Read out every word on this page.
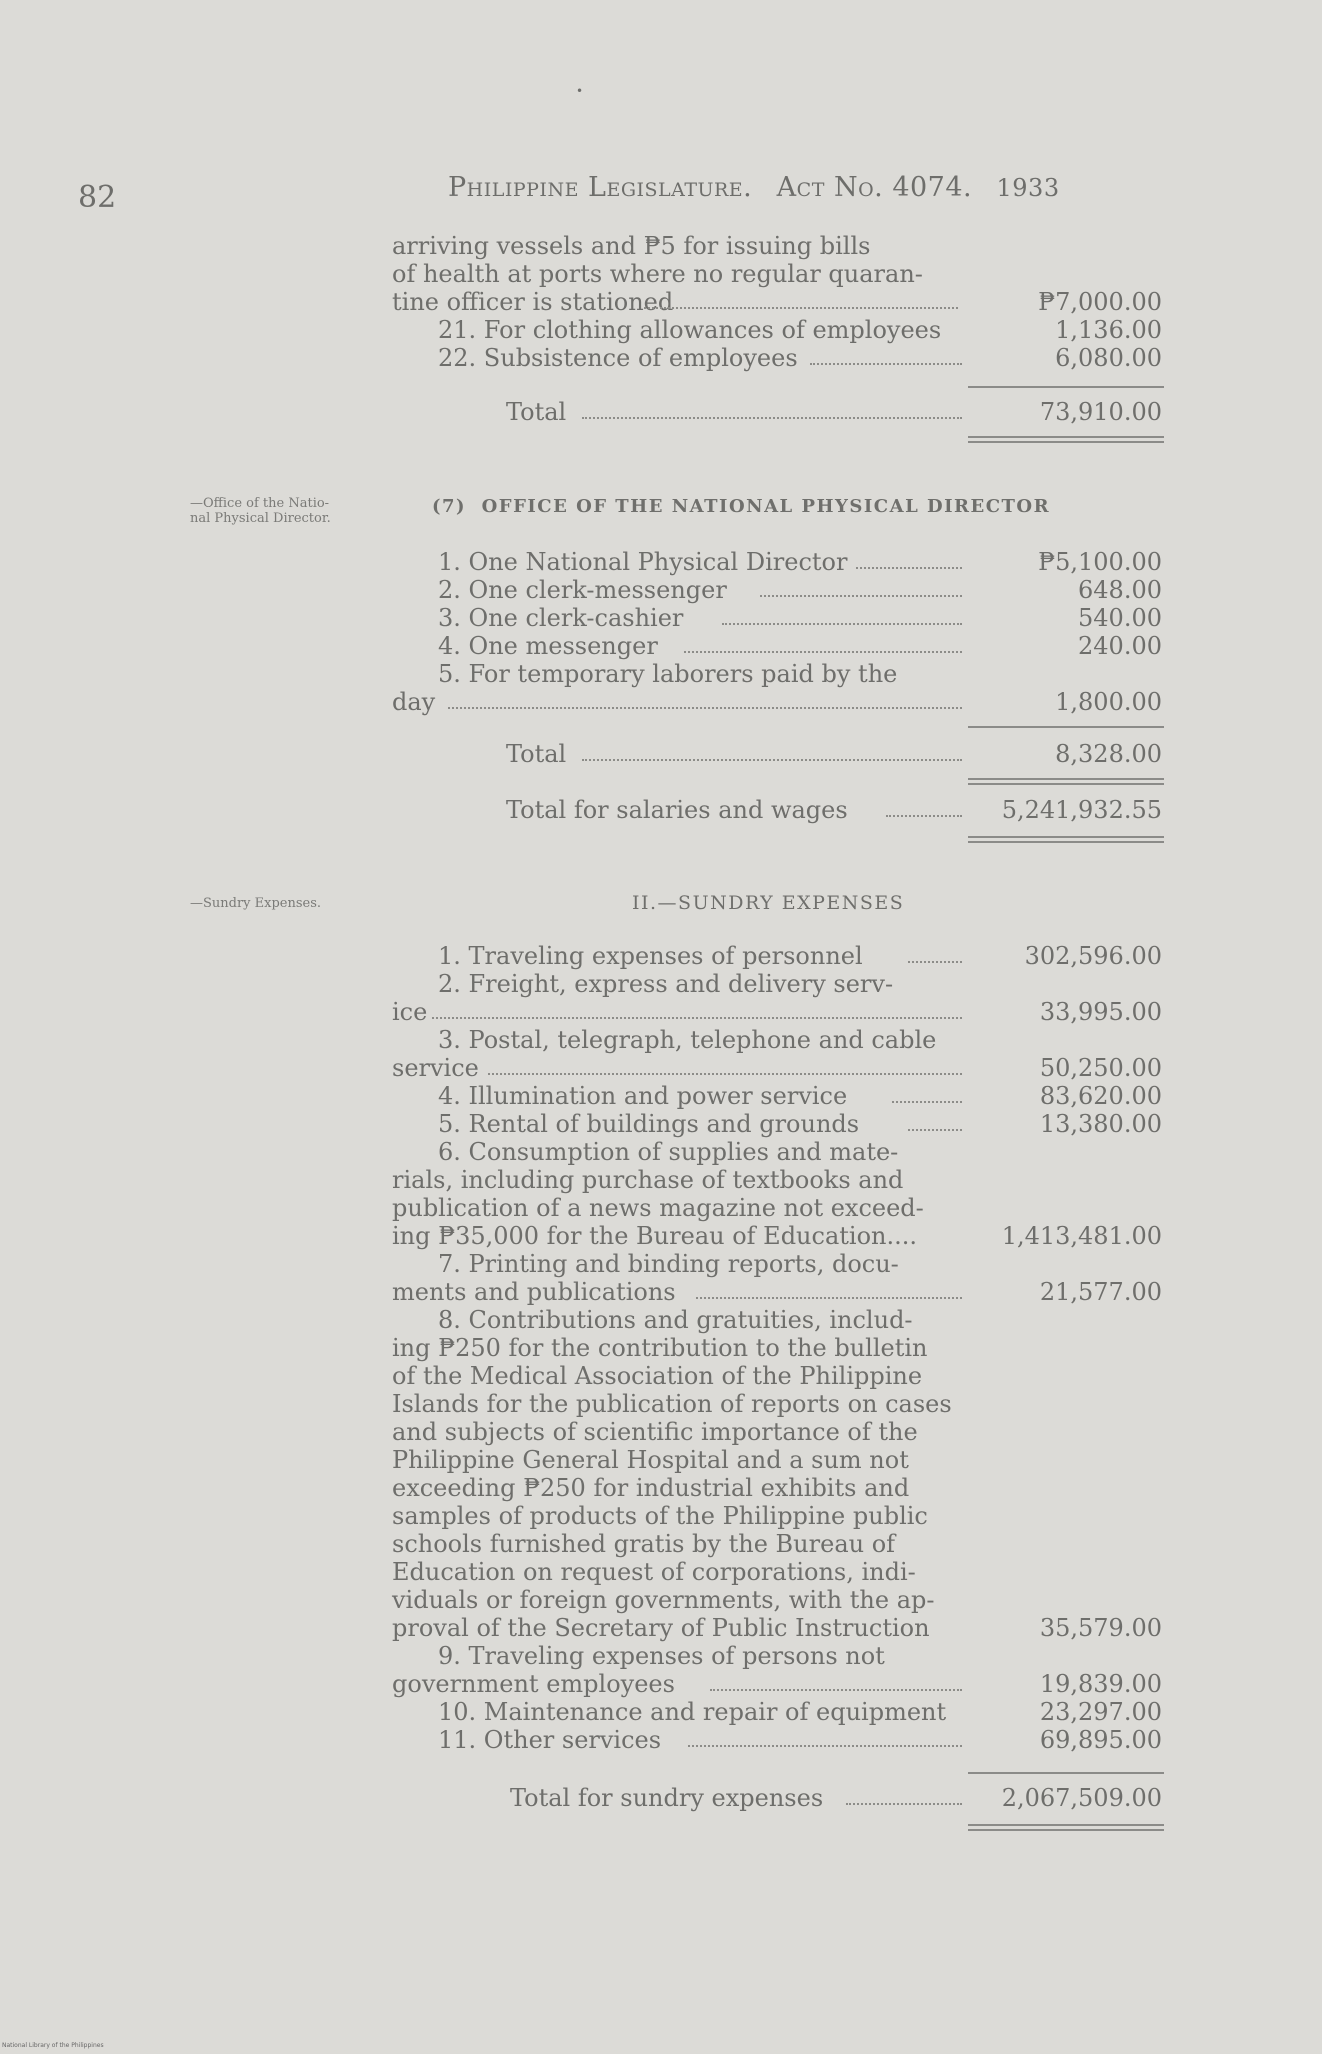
•
82	Philippine Legislature. Act No. 4074. 1933
arriving vessels and ₱5 for issuing bills
of health at ports where no regular quaran-
tine officer is stationed	₱7,000.00
21. For clothing allowances of employees	1,136.00
22. Subsistence of employees	6,080.00
Total	73,910.00
—Office of the Natio-
nal Physical Director.
(7) OFFICE OF THE NATIONAL PHYSICAL DIRECTOR
1. One National Physical Director	₱5,100.00
2. One clerk-messenger	648.00
3. One clerk-cashier	540.00
4. One messenger	240.00
5. For temporary laborers paid by the
day	1,800.00
Total	8,328.00
Total for salaries and wages	5,241,932.55
—Sundry Expenses.	II.—SUNDRY EXPENSES
1. Traveling expenses of personnel	302,596.00
2. Freight, express and delivery serv-
ice	33,995.00
3. Postal, telegraph, telephone and cable
service	50,250.00
4. Illumination and power service	83,620.00
5. Rental of buildings and grounds	13,380.00
6. Consumption of supplies and mate-
rials, including purchase of textbooks and
publication of a news magazine not exceed-
ing ₱35,000 for the Bureau of Education....	1,413,481.00
7. Printing and binding reports, docu-
ments and publications	21,577.00
8. Contributions and gratuities, includ-
ing ₱250 for the contribution to the bulletin
of the Medical Association of the Philippine
Islands for the publication of reports on cases
and subjects of scientific importance of the
Philippine General Hospital and a sum not
exceeding ₱250 for industrial exhibits and
samples of products of the Philippine public
schools furnished gratis by the Bureau of
Education on request of corporations, indi-
viduals or foreign governments, with the ap-
proval of the Secretary of Public Instruction	35,579.00
9. Traveling expenses of persons not
government employees	19,839.00
10. Maintenance and repair of equipment	23,297.00
11. Other services	69,895.00
Total for sundry expenses	2,067,509.00
National Library of the Philippines
